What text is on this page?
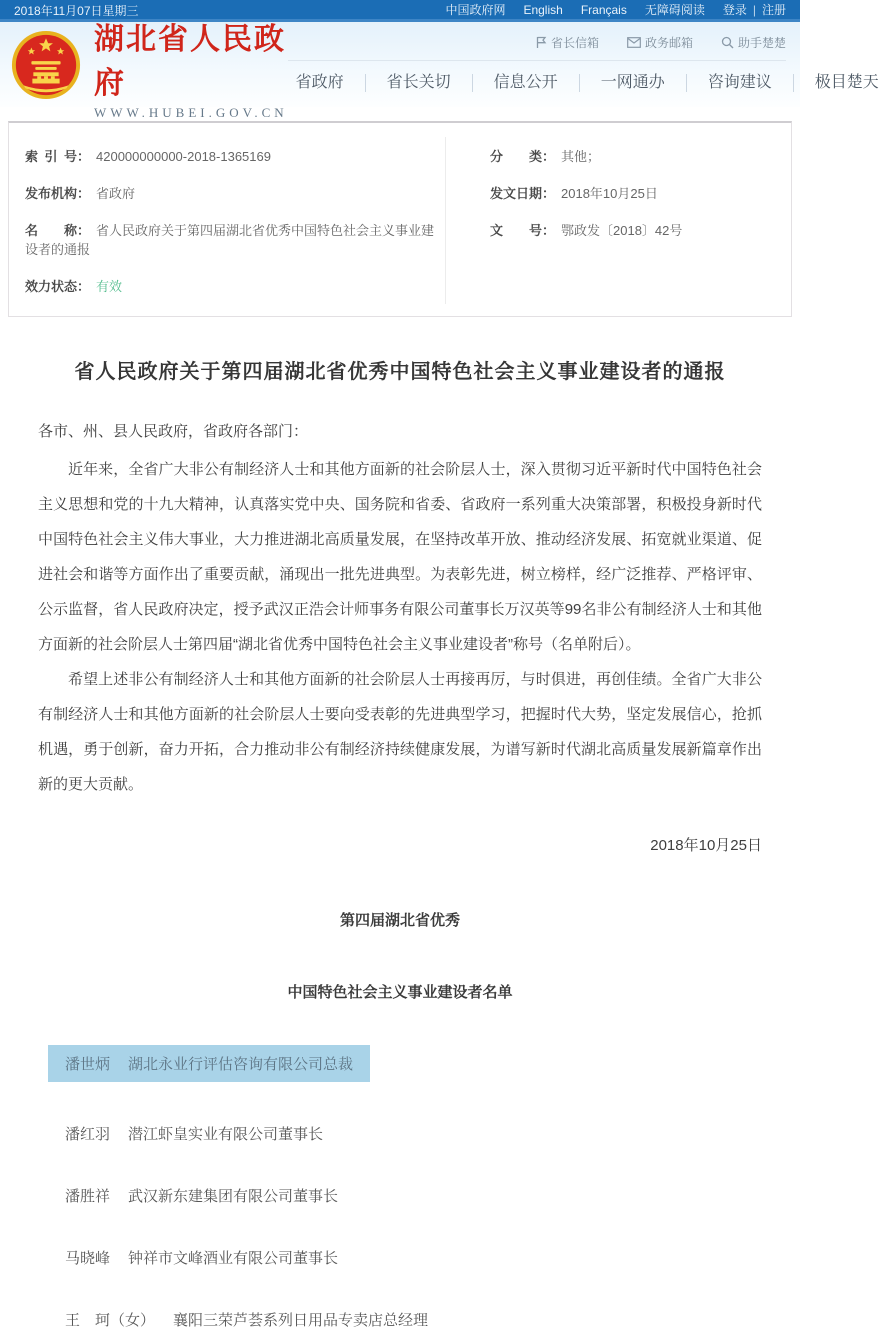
2018年11月07日星期三	中国政府网 English Français 无障碍阅读 登录 | 注册
湖北省人民政府
WWW.HUBEI.GOV.CN
省长信箱	政务邮箱	助手楚楚
省政府	省长关切	信息公开	一网通办	咨询建议	极目楚天
索引号： 420000000000-2018-1365169
发布机构： 省政府
名称： 省人民政府关于第四届湖北省优秀中国特色社会主义事业建设者的通报
效力状态： 有效
分类： 其他；
发文日期： 2018年10月25日
文号： 鄂政发〔2018〕42号
省人民政府关于第四届湖北省优秀中国特色社会主义事业建设者的通报

各市、州、县人民政府，省政府各部门：

近年来，全省广大非公有制经济人士和其他方面新的社会阶层人士，深入贯彻习近平新时代中国特色社会主义思想和党的十九大精神，认真落实党中央、国务院和省委、省政府一系列重大决策部署，积极投身新时代中国特色社会主义伟大事业，大力推进湖北高质量发展，在坚持改革开放、推动经济发展、拓宽就业渠道、促进社会和谐等方面作出了重要贡献，涌现出一批先进典型。为表彰先进，树立榜样，经广泛推荐、严格评审、公示监督，省人民政府决定，授予武汉正浩会计师事务有限公司董事长万汉英等99名非公有制经济人士和其他方面新的社会阶层人士第四届“湖北省优秀中国特色社会主义事业建设者”称号（名单附后）。

希望上述非公有制经济人士和其他方面新的社会阶层人士再接再厉，与时俱进，再创佳绩。全省广大非公有制经济人士和其他方面新的社会阶层人士要向受表彰的先进典型学习，把握时代大势，坚定发展信心，抢抓机遇，勇于创新，奋力开拓，合力推动非公有制经济持续健康发展，为谱写新时代湖北高质量发展新篇章作出新的更大贡献。

2018年10月25日

第四届湖北省优秀

中国特色社会主义事业建设者名单

潘世炳 湖北永业行评估咨询有限公司总裁
潘红羽 潜江虾皇实业有限公司董事长
潘胜祥 武汉新东建集团有限公司董事长
马晓峰 钟祥市文峰酒业有限公司董事长
王　珂（女） 襄阳三荣芦荟系列日用品专卖店总经理
